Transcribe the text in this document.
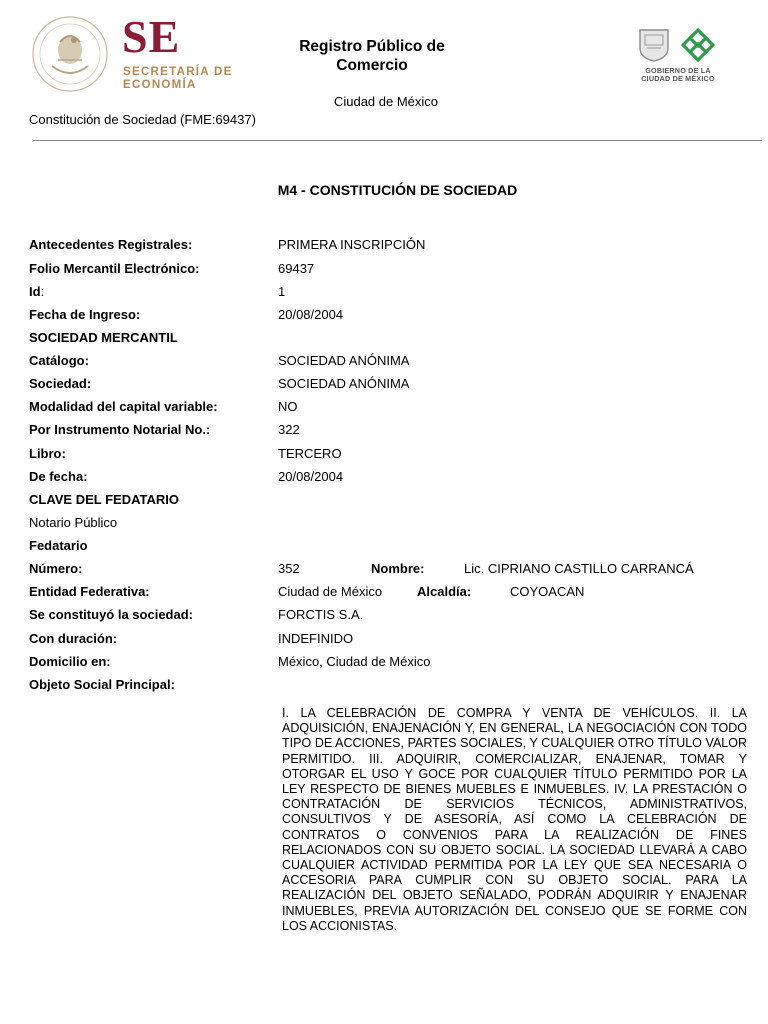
SE
SECRETARÍA DE
ECONOMÍA
Registro Público de
Comercio	GOBIERNO DE LA
CIUDAD DE MÉXICO
Ciudad de México
Constitución de Sociedad (FME:69437)
M4 - CONSTITUCIÓN DE SOCIEDAD
Antecedentes Registrales:	PRIMERA INSCRIPCIÓN
Folio Mercantil Electrónico:	69437
Id:	1
Fecha de Ingreso:	20/08/2004
SOCIEDAD MERCANTIL
Catálogo:	SOCIEDAD ANÓNIMA
Sociedad:	SOCIEDAD ANÓNIMA
Modalidad del capital variable:	NO
Por Instrumento Notarial No.:	322
Libro:	TERCERO
De fecha:	20/08/2004
CLAVE DEL FEDATARIO
Notario Público
Fedatario
Número:	352	Nombre:	Lic. CIPRIANO CASTILLO CARRANCÁ
Entidad Federativa:	Ciudad de México	Alcaldía:	COYOACAN
Se constituyó la sociedad:	FORCTIS S.A.
Con duración:	INDEFINIDO
Domicilio en:	México, Ciudad de México
Objeto Social Principal:
I. LA CELEBRACIÓN DE COMPRA Y VENTA DE VEHÍCULOS. II. LA ADQUISICIÓN, ENAJENACIÓN Y, EN GENERAL, LA NEGOCIACIÓN CON TODO TIPO DE ACCIONES, PARTES SOCIALES, Y CUALQUIER OTRO TÍTULO VALOR PERMITIDO. III. ADQUIRIR, COMERCIALIZAR, ENAJENAR, TOMAR Y OTORGAR EL USO Y GOCE POR CUALQUIER TÍTULO PERMITIDO POR LA LEY RESPECTO DE BIENES MUEBLES E INMUEBLES. IV. LA PRESTACIÓN O CONTRATACIÓN DE SERVICIOS TÉCNICOS, ADMINISTRATIVOS, CONSULTIVOS Y DE ASESORÍA, ASÍ COMO LA CELEBRACIÓN DE CONTRATOS O CONVENIOS PARA LA REALIZACIÓN DE FINES RELACIONADOS CON SU OBJETO SOCIAL. LA SOCIEDAD LLEVARÁ A CABO CUALQUIER ACTIVIDAD PERMITIDA POR LA LEY QUE SEA NECESARIA O ACCESORIA PARA CUMPLIR CON SU OBJETO SOCIAL. PARA LA REALIZACIÓN DEL OBJETO SEÑALADO, PODRÁN ADQUIRIR Y ENAJENAR INMUEBLES, PREVIA AUTORIZACIÓN DEL CONSEJO QUE SE FORME CON LOS ACCIONISTAS.
